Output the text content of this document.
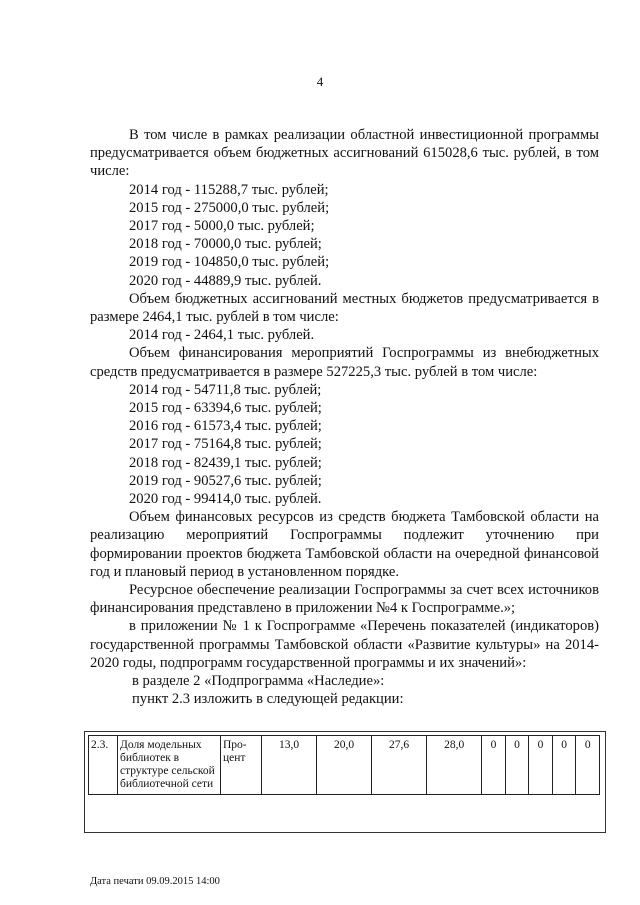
4
В том числе в рамках реализации областной инвестиционной программы предусматривается объем бюджетных ассигнований 615028,6 тыс. рублей, в том числе:
2014 год - 115288,7 тыс. рублей;
2015 год - 275000,0 тыс. рублей;
2017 год - 5000,0 тыс. рублей;
2018 год - 70000,0 тыс. рублей;
2019 год - 104850,0 тыс. рублей;
2020 год - 44889,9 тыс. рублей.
Объем бюджетных ассигнований местных бюджетов предусматривается в размере 2464,1 тыс. рублей в том числе:
2014 год - 2464,1 тыс. рублей.
Объем финансирования мероприятий Госпрограммы из внебюджетных средств предусматривается в размере 527225,3 тыс. рублей в том числе:
2014 год - 54711,8 тыс. рублей;
2015 год - 63394,6 тыс. рублей;
2016 год - 61573,4 тыс. рублей;
2017 год - 75164,8 тыс. рублей;
2018 год - 82439,1 тыс. рублей;
2019 год - 90527,6 тыс. рублей;
2020 год - 99414,0 тыс. рублей.
Объем финансовых ресурсов из средств бюджета Тамбовской области на реализацию мероприятий Госпрограммы подлежит уточнению при формировании проектов бюджета Тамбовской области на очередной финансовой год и плановый период в установленном порядке.
Ресурсное обеспечение реализации Госпрограммы за счет всех источников финансирования представлено в приложении №4 к Госпрограмме.»;
в приложении № 1 к Госпрограмме «Перечень показателей (индикаторов) государственной программы Тамбовской области «Развитие культуры» на 2014-2020 годы, подпрограмм государственной программы и их значений»:
в разделе 2 «Подпрограмма «Наследие»:
пункт 2.3 изложить в следующей редакции:
2.3.	Доля модельных библиотек в структуре сельской библиотечной сети	Про-цент	13,0	20,0	27,6	28,0	0	0	0	0	0
Дата печати 09.09.2015 14:00
